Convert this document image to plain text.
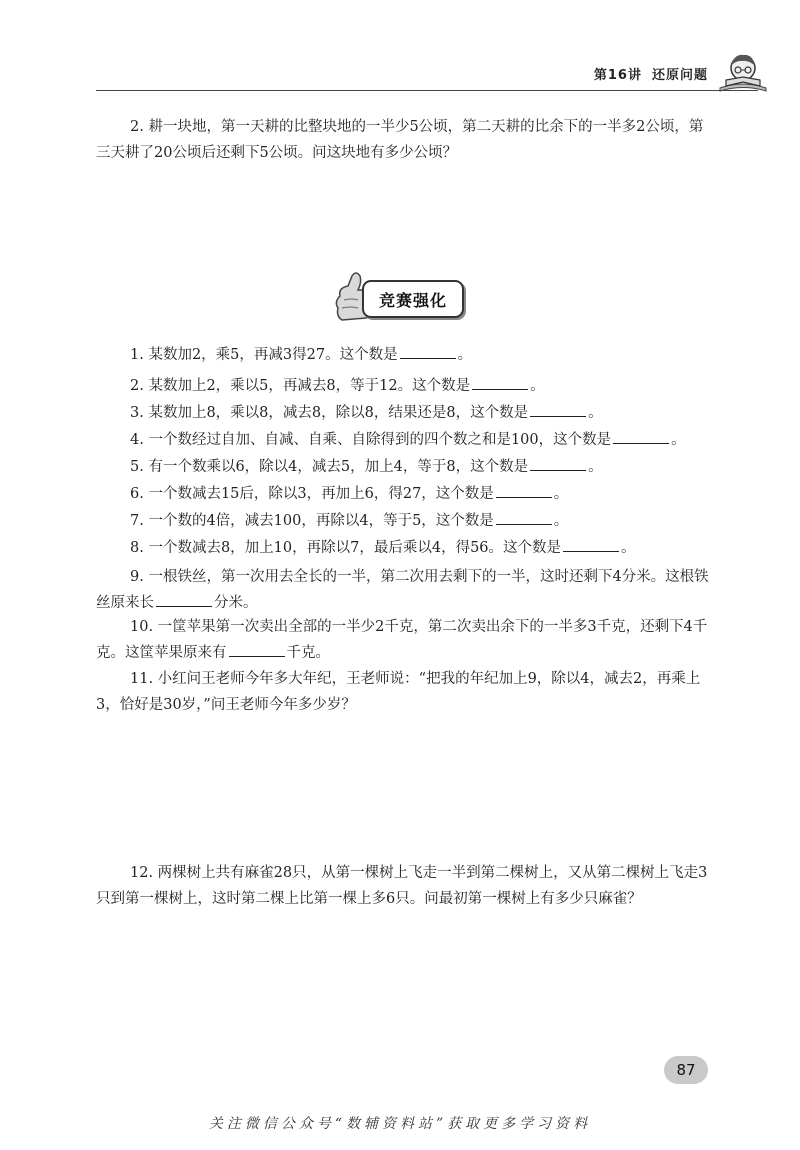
第16讲 还原问题

2. 耕一块地，第一天耕的比整块地的一半少5公顷，第二天耕的比余下的一半多2公顷，第三天耕了20公顷后还剩下5公顷。问这块地有多少公顷？

竞赛强化

1. 某数加2，乘5，再减3得27。这个数是	。

2. 某数加上2，乘以5，再减去8，等于12。这个数是	。

3. 某数加上8，乘以8，减去8，除以8，结果还是8，这个数是	。

4. 一个数经过自加、自减、自乘、自除得到的四个数之和是100，这个数是	。

5. 有一个数乘以6，除以4，减去5，加上4，等于8，这个数是	。

6. 一个数减去15后，除以3，再加上6，得27，这个数是	。

7. 一个数的4倍，减去100，再除以4，等于5，这个数是	。

8. 一个数减去8，加上10，再除以7，最后乘以4，得56。这个数是	。

9. 一根铁丝，第一次用去全长的一半，第二次用去剩下的一半，这时还剩下4分米。这根铁丝原来长	分米。

10. 一筐苹果第一次卖出全部的一半少2千克，第二次卖出余下的一半多3千克，还剩下4千克。这筐苹果原来有	千克。

11. 小红问王老师今年多大年纪，王老师说：“把我的年纪加上9，除以4，减去2，再乘上3，恰好是30岁，”问王老师今年多少岁？

12. 两棵树上共有麻雀28只，从第一棵树上飞走一半到第二棵树上，又从第二棵树上飞走3只到第一棵树上，这时第二棵上比第一棵上多6只。问最初第一棵树上有多少只麻雀？

87
关注微信公众号“数辅资料站”获取更多学习资料
